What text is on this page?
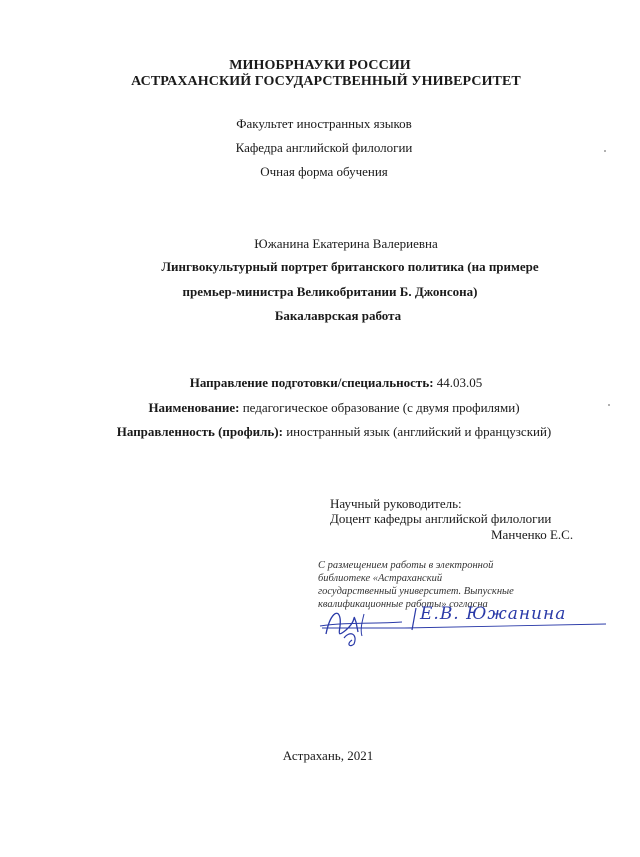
МИНОБРНАУКИ РОССИИ
АСТРАХАНСКИЙ ГОСУДАРСТВЕННЫЙ УНИВЕРСИТЕТ
Факультет иностранных языков
Кафедра английской филологии
Очная форма обучения
Южанина Екатерина Валериевна
Лингвокультурный портрет британского политика (на примере
премьер-министра Великобритании Б. Джонсона)
Бакалаврская работа
Направление подготовки/специальность: 44.03.05
Наименование: педагогическое образование (с двумя профилями)
Направленность (профиль): иностранный язык (английский и французский)
Научный руководитель:
Доцент кафедры английской филологии
Манченко Е.С.
С размещением работы в электронной
библиотеке «Астраханский
государственный университет. Выпускные
квалификационные работы» согласна
Е.В. Южанина
Астрахань, 2021
